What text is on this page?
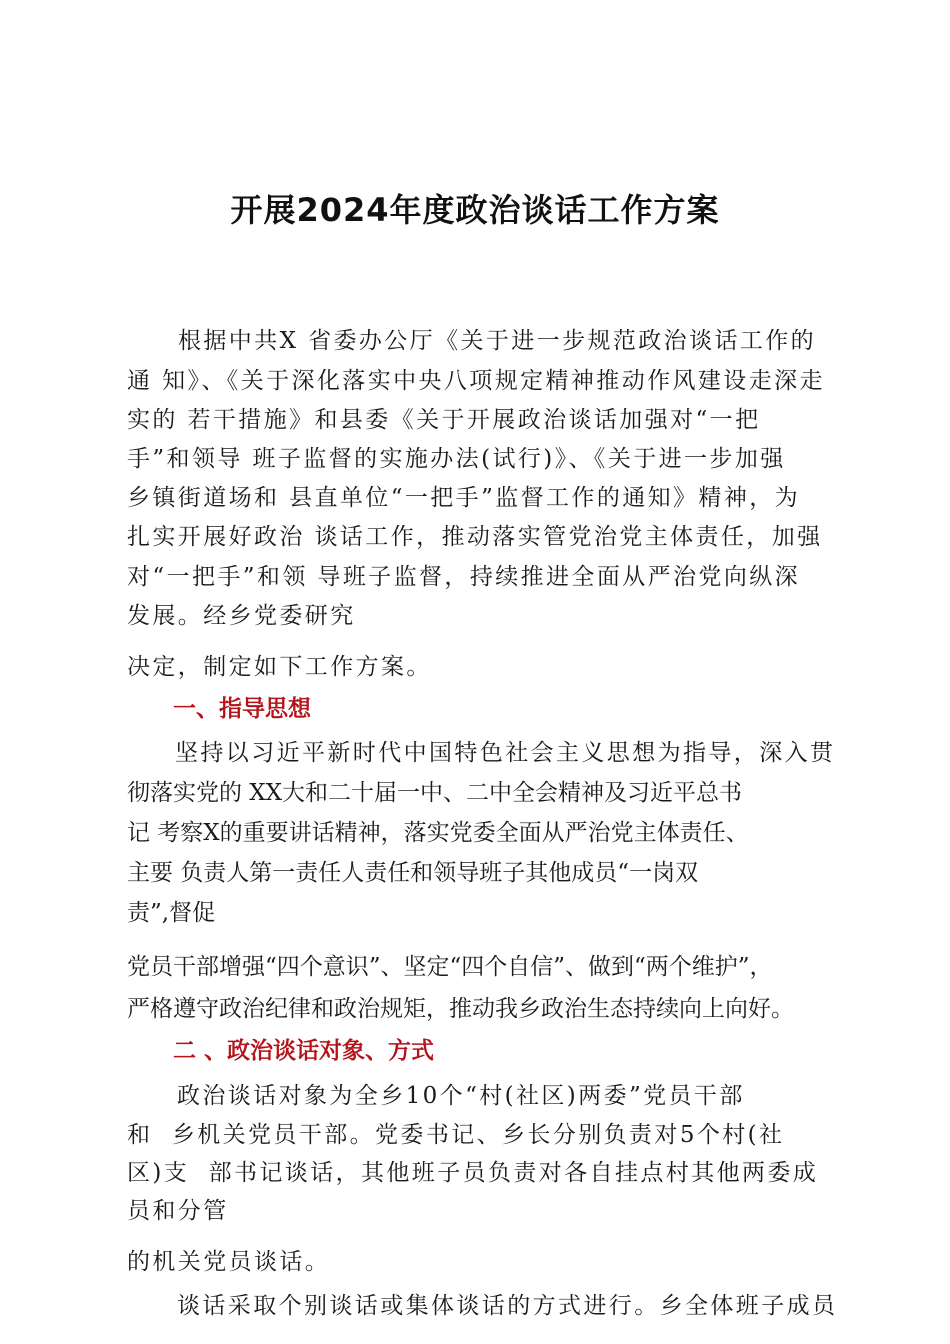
开展2024年度政治谈话工作方案
根据中共X 省委办公厅《关于进一步规范政治谈话工作的
通 知》、《关于深化落实中央八项规定精神推动作风建设走深走
实的 若干措施》和县委《关于开展政治谈话加强对“一把
手”和领导 班子监督的实施办法(试行)》、《关于进一步加强
乡镇街道场和 县直单位“一把手”监督工作的通知》精神，为
扎实开展好政治 谈话工作，推动落实管党治党主体责任，加强
对“一把手”和领 导班子监督，持续推进全面从严治党向纵深
发展。经乡党委研究
决定，制定如下工作方案。
一、指导思想
坚持以习近平新时代中国特色社会主义思想为指导，深入贯
彻落实党的 XX大和二十届一中、二中全会精神及习近平总书
记 考察X的重要讲话精神，落实党委全面从严治党主体责任、
主要 负责人第一责任人责任和领导班子其他成员“一岗双
责”,督促
党员干部增强“四个意识”、坚定“四个自信”、做到“两个维护”，
严格遵守政治纪律和政治规矩，推动我乡政治生态持续向上向好。
二 、政治谈话对象、方式
政治谈话对象为全乡10个“村(社区)两委”党员干部
和  乡机关党员干部。党委书记、乡长分别负责对5个村(社
区)支  部书记谈话，其他班子员负责对各自挂点村其他两委成
员和分管
的机关党员谈话。
谈话采取个别谈话或集体谈话的方式进行。乡全体班子成员
